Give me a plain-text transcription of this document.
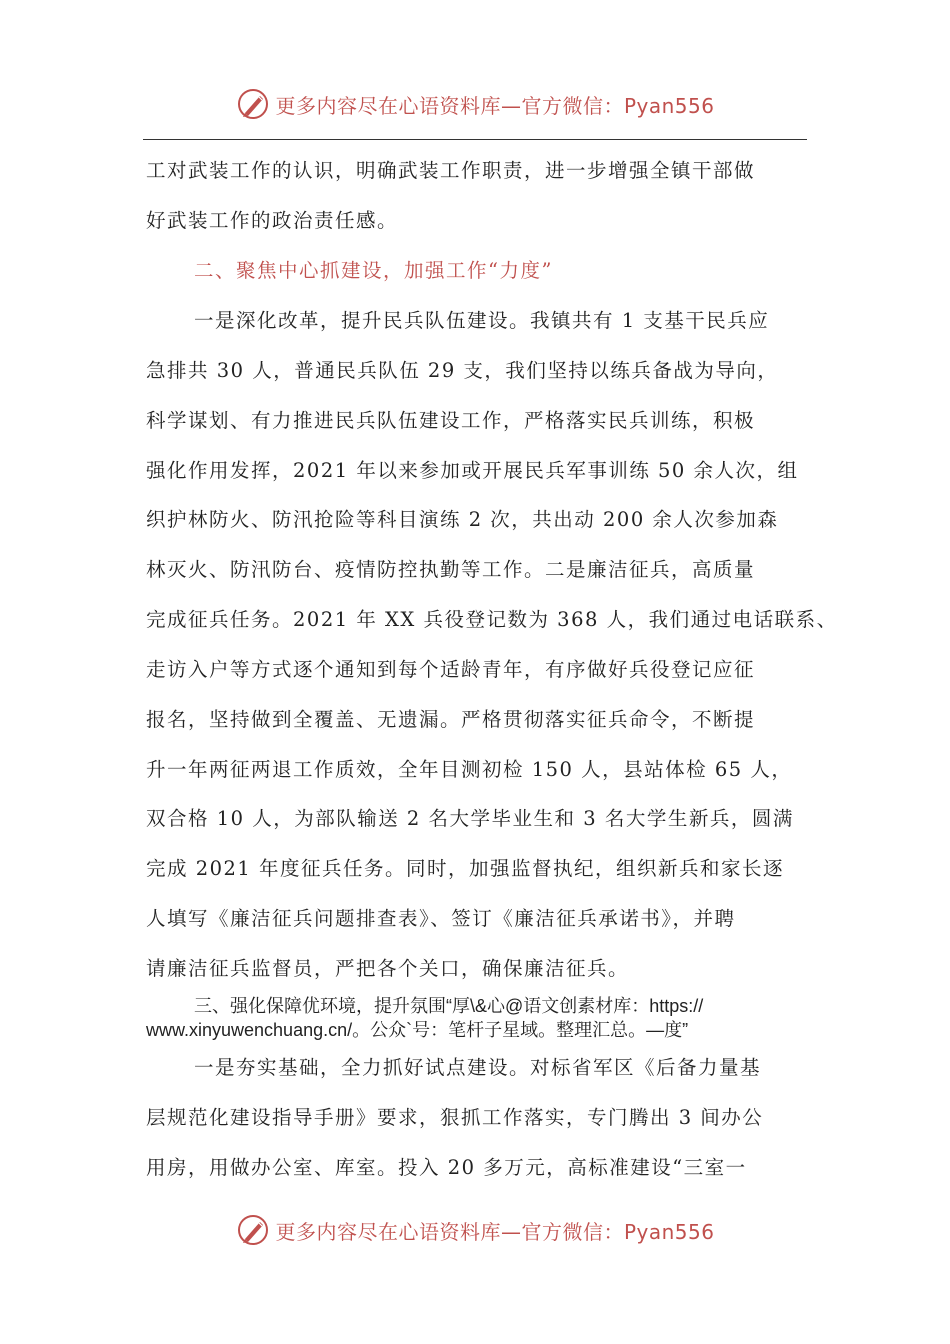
更多内容尽在心语资料库—官方微信：Pyan556
工对武装工作的认识，明确武装工作职责，进一步增强全镇干部做
好武装工作的政治责任感。
二、聚焦中心抓建设，加强工作“力度”
一是深化改革，提升民兵队伍建设。我镇共有 1 支基干民兵应
急排共 30 人，普通民兵队伍 29 支，我们坚持以练兵备战为导向，
科学谋划、有力推进民兵队伍建设工作，严格落实民兵训练，积极
强化作用发挥，2021 年以来参加或开展民兵军事训练 50 余人次，组
织护林防火、防汛抢险等科目演练 2 次，共出动 200 余人次参加森
林灭火、防汛防台、疫情防控执勤等工作。二是廉洁征兵，高质量
完成征兵任务。2021 年 XX 兵役登记数为 368 人，我们通过电话联系、
走访入户等方式逐个通知到每个适龄青年，有序做好兵役登记应征
报名，坚持做到全覆盖、无遗漏。严格贯彻落实征兵命令，不断提
升一年两征两退工作质效，全年目测初检 150 人，县站体检 65 人，
双合格 10 人，为部队输送 2 名大学毕业生和 3 名大学生新兵，圆满
完成 2021 年度征兵任务。同时，加强监督执纪，组织新兵和家长逐
人填写《廉洁征兵问题排查表》、签订《廉洁征兵承诺书》，并聘
请廉洁征兵监督员，严把各个关口，确保廉洁征兵。
三、强化保障优环境，提升氛围“厚\&心@语文创素材库：https://
www.xinyuwenchuang.cn/。公众`号：笔杆子星域。整理汇总。—度”
一是夯实基础，全力抓好试点建设。对标省军区《后备力量基
层规范化建设指导手册》要求，狠抓工作落实，专门腾出 3 间办公
用房，用做办公室、库室。投入 20 多万元，高标准建设“三室一
更多内容尽在心语资料库—官方微信：Pyan556
